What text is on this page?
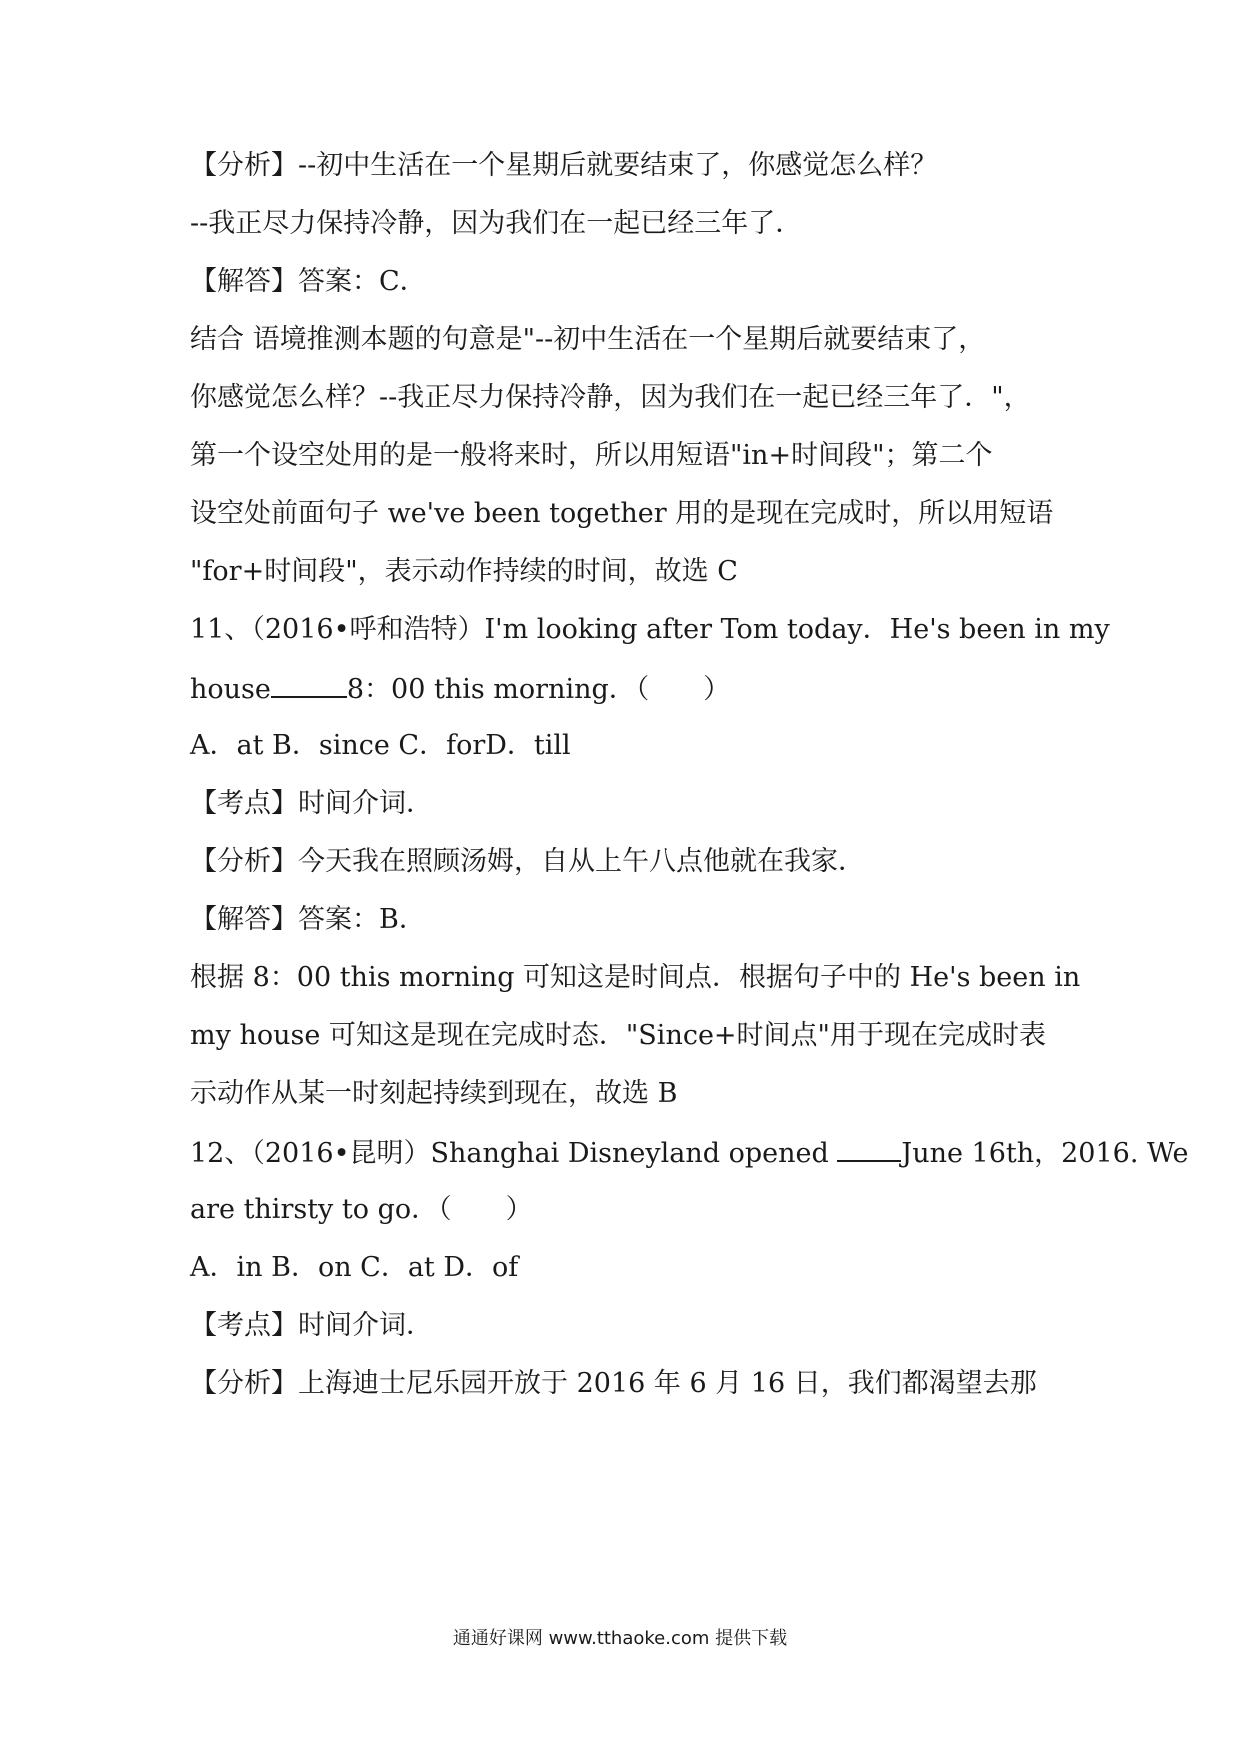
【分析】--初中生活在一个星期后就要结束了，你感觉怎么样？
--我正尽力保持冷静，因为我们在一起已经三年了．
【解答】答案：C．
结合 语境推测本题的句意是"--初中生活在一个星期后就要结束了，
你感觉怎么样？--我正尽力保持冷静，因为我们在一起已经三年了．"，
第一个设空处用的是一般将来时，所以用短语"in+时间段"；第二个
设空处前面句子 we've been together 用的是现在完成时，所以用短语
"for+时间段"，表示动作持续的时间，故选 C
11、（2016•呼和浩特）I'm looking after Tom today．He's been in my
house	8：00 this morning．（　　）
A．at B．since C．forD．till
【考点】时间介词．
【分析】今天我在照顾汤姆，自从上午八点他就在我家．
【解答】答案：B．
根据 8：00 this morning 可知这是时间点．根据句子中的 He's been in
my house 可知这是现在完成时态．"Since+时间点"用于现在完成时表
示动作从某一时刻起持续到现在，故选 B
12、（2016•昆明）Shanghai Disneyland opened	June 16th，2016. We
are thirsty to go．（　　）
A．in B．on C．at D．of
【考点】时间介词．
【分析】上海迪士尼乐园开放于 2016 年 6 月 16 日，我们都渴望去那
通通好课网 www.tthaoke.com 提供下载
